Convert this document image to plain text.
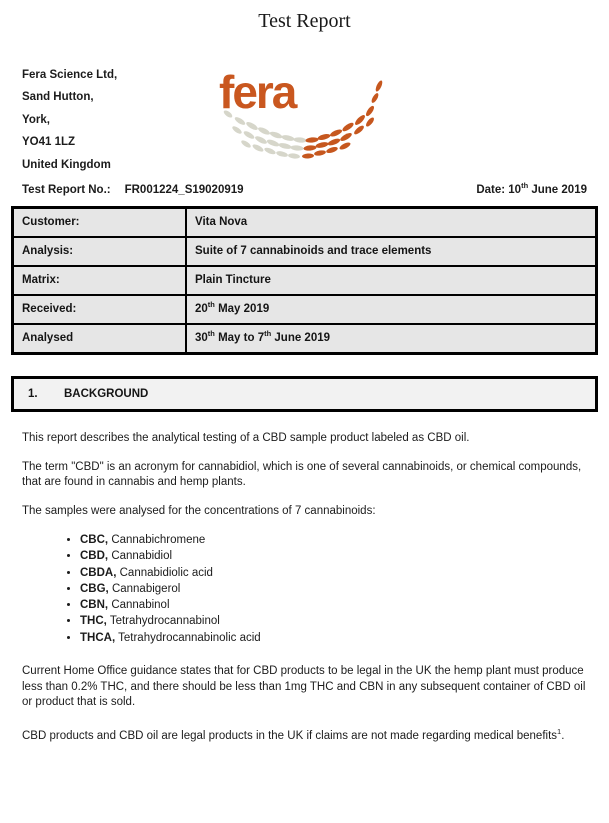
Test Report
Fera Science Ltd,
Sand Hutton,
York,
YO41 1LZ
United Kingdom
fera
Test Report No.: FR001224_S19020919	Date: 10th June 2019
Customer:	Vita Nova
Analysis:	Suite of 7 cannabinoids and trace elements
Matrix:	Plain Tincture
Received:	20th May 2019
Analysed	30th May to 7th June 2019
1.	BACKGROUND

This report describes the analytical testing of a CBD sample product labeled as CBD oil.

The term "CBD" is an acronym for cannabidiol, which is one of several cannabinoids, or chemical compounds, that are found in cannabis and hemp plants.

The samples were analysed for the concentrations of 7 cannabinoids:

• CBC, Cannabichromene
• CBD, Cannabidiol
• CBDA, Cannabidiolic acid
• CBG, Cannabigerol
• CBN, Cannabinol
• THC, Tetrahydrocannabinol
• THCA, Tetrahydrocannabinolic acid

Current Home Office guidance states that for CBD products to be legal in the UK the hemp plant must produce less than 0.2% THC, and there should be less than 1mg THC and CBN in any subsequent container of CBD oil or product that is sold.

CBD products and CBD oil are legal products in the UK if claims are not made regarding medical benefits$^1$.
